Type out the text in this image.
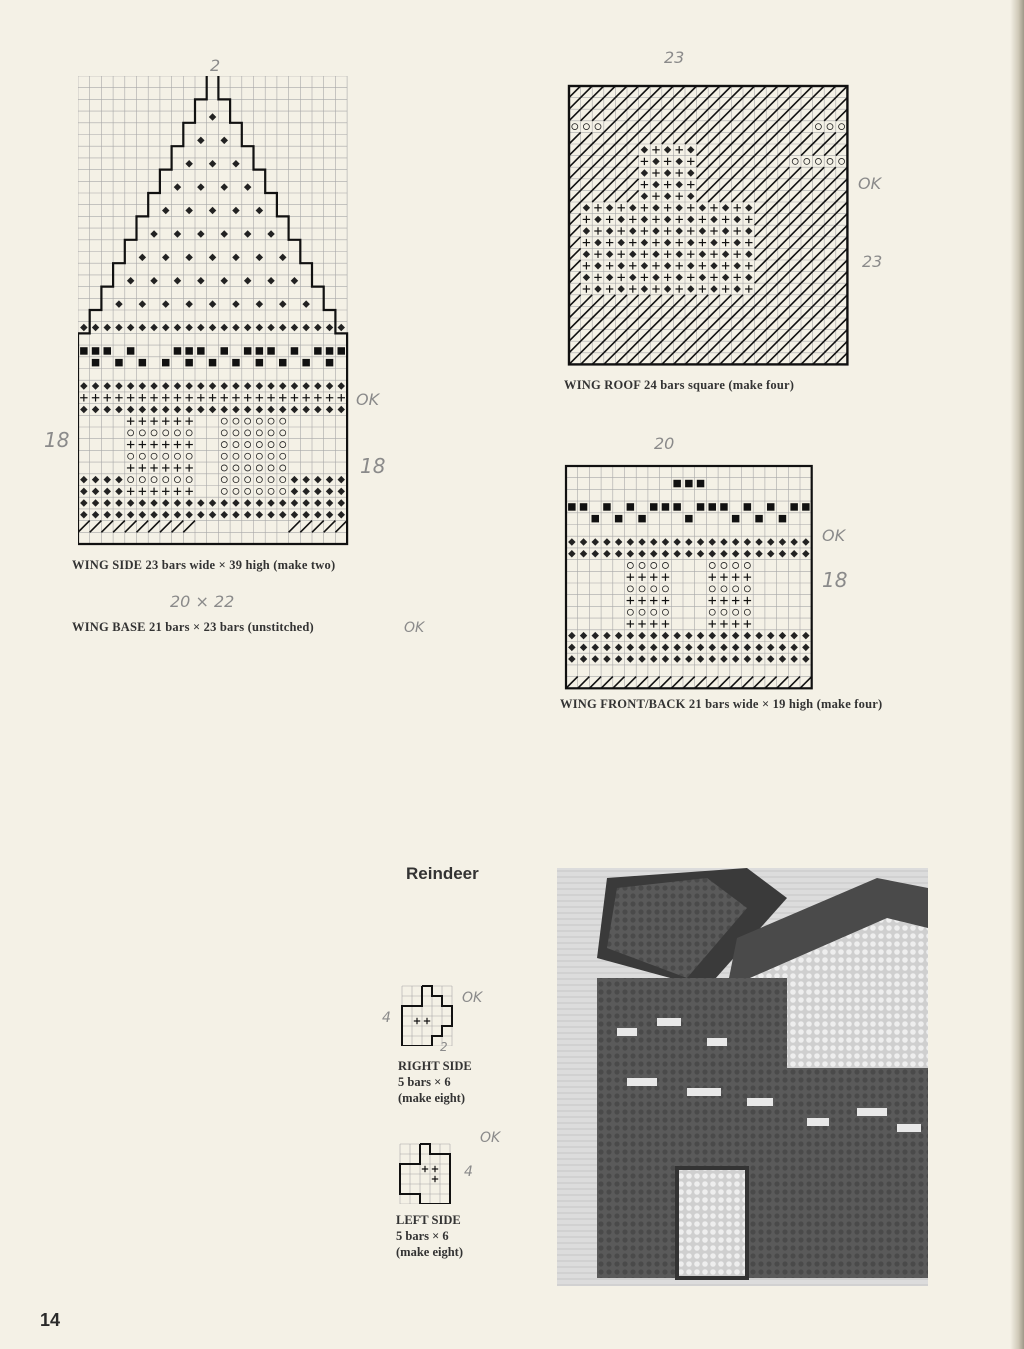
2
OK
18
18
WING SIDE 23 bars wide × 39 high (make two)
20 × 22
WING BASE 21 bars × 23 bars (unstitched)	OK
23
OK
23
WING ROOF 24 bars square (make four)
20
OK
18
WING FRONT/BACK 21 bars wide × 19 high (make four)
Reindeer
OK
4
2
RIGHT SIDE
5 bars × 6
(make eight)
OK
4
LEFT SIDE
5 bars × 6
(make eight)
14
